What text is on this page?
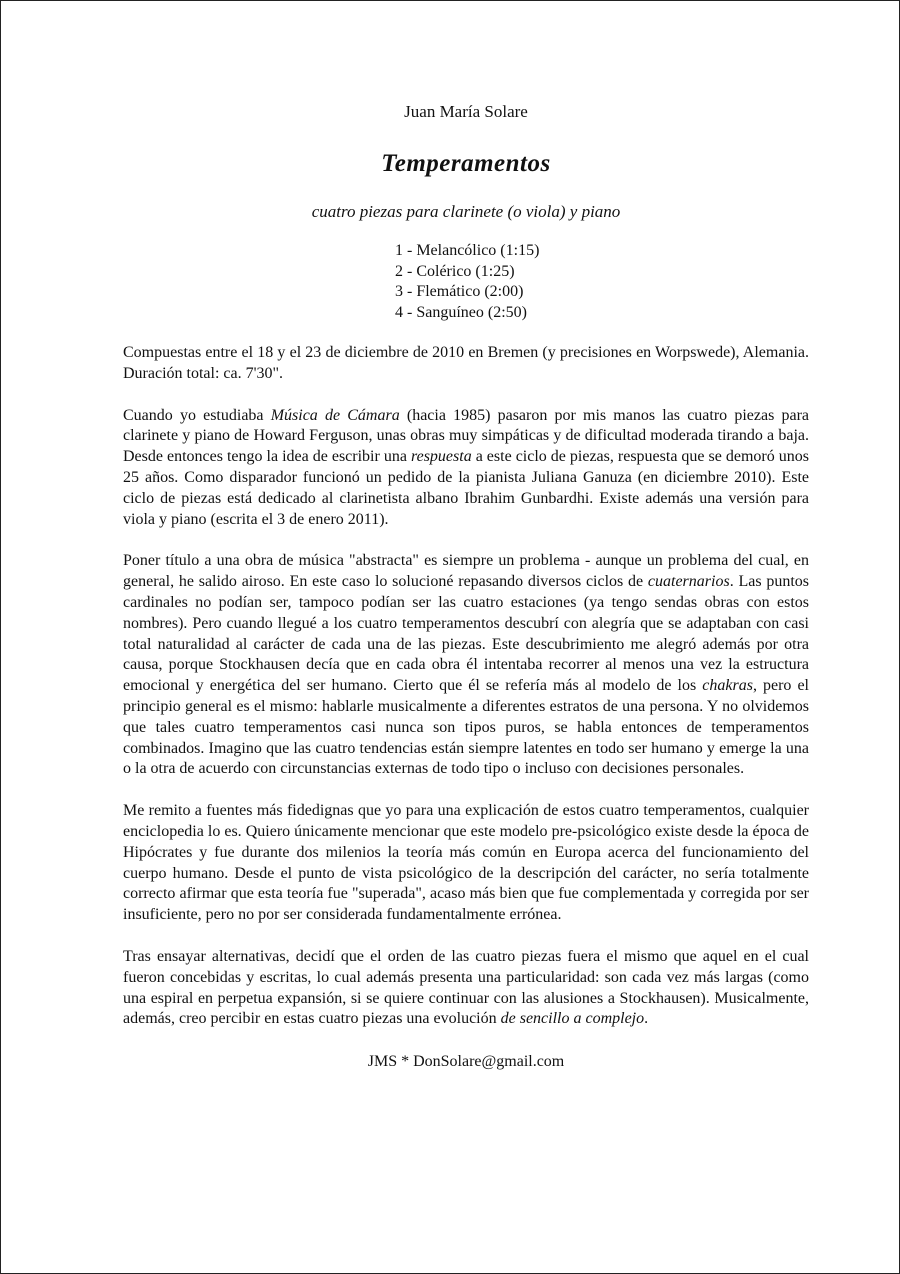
Juan María Solare

Temperamentos

cuatro piezas para clarinete (o viola) y piano

1 - Melancólico (1:15)
2 - Colérico (1:25)
3 - Flemático (2:00)
4 - Sanguíneo (2:50)

Compuestas entre el 18 y el 23 de diciembre de 2010 en Bremen (y precisiones en Worpswede), Alemania. Duración total: ca. 7'30".

Cuando yo estudiaba Música de Cámara (hacia 1985) pasaron por mis manos las cuatro piezas para clarinete y piano de Howard Ferguson, unas obras muy simpáticas y de dificultad moderada tirando a baja. Desde entonces tengo la idea de escribir una respuesta a este ciclo de piezas, respuesta que se demoró unos 25 años. Como disparador funcionó un pedido de la pianista Juliana Ganuza (en diciembre 2010). Este ciclo de piezas está dedicado al clarinetista albano Ibrahim Gunbardhi. Existe además una versión para viola y piano (escrita el 3 de enero 2011).

Poner título a una obra de música "abstracta" es siempre un problema - aunque un problema del cual, en general, he salido airoso. En este caso lo solucioné repasando diversos ciclos de cuaternarios. Las puntos cardinales no podían ser, tampoco podían ser las cuatro estaciones (ya tengo sendas obras con estos nombres). Pero cuando llegué a los cuatro temperamentos descubrí con alegría que se adaptaban con casi total naturalidad al carácter de cada una de las piezas. Este descubrimiento me alegró además por otra causa, porque Stockhausen decía que en cada obra él intentaba recorrer al menos una vez la estructura emocional y energética del ser humano. Cierto que él se refería más al modelo de los chakras, pero el principio general es el mismo: hablarle musicalmente a diferentes estratos de una persona. Y no olvidemos que tales cuatro temperamentos casi nunca son tipos puros, se habla entonces de temperamentos combinados. Imagino que las cuatro tendencias están siempre latentes en todo ser humano y emerge la una o la otra de acuerdo con circunstancias externas de todo tipo o incluso con decisiones personales.

Me remito a fuentes más fidedignas que yo para una explicación de estos cuatro temperamentos, cualquier enciclopedia lo es. Quiero únicamente mencionar que este modelo pre-psicológico existe desde la época de Hipócrates y fue durante dos milenios la teoría más común en Europa acerca del funcionamiento del cuerpo humano. Desde el punto de vista psicológico de la descripción del carácter, no sería totalmente correcto afirmar que esta teoría fue "superada", acaso más bien que fue complementada y corregida por ser insuficiente, pero no por ser considerada fundamentalmente errónea.

Tras ensayar alternativas, decidí que el orden de las cuatro piezas fuera el mismo que aquel en el cual fueron concebidas y escritas, lo cual además presenta una particularidad: son cada vez más largas (como una espiral en perpetua expansión, si se quiere continuar con las alusiones a Stockhausen). Musicalmente, además, creo percibir en estas cuatro piezas una evolución de sencillo a complejo.

JMS * DonSolare@gmail.com
